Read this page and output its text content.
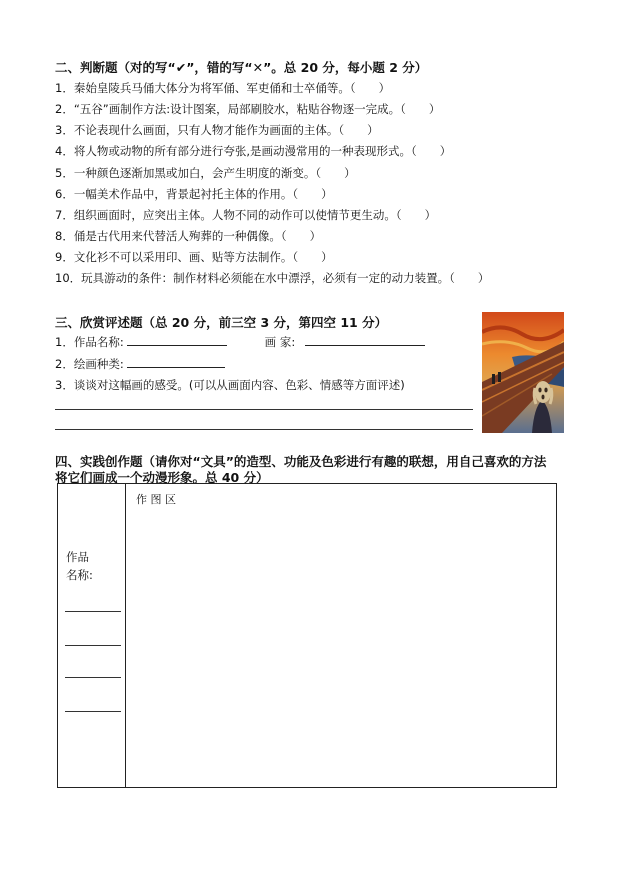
二、判断题（对的写“✔”，错的写“✕”。总 20 分，每小题 2 分）
1．秦始皇陵兵马俑大体分为将军俑、军吏俑和士卒俑等。（　　）
2．“五谷”画制作方法:设计图案，局部刷胶水，粘贴谷物逐一完成。（　　）
3．不论表现什么画面，只有人物才能作为画面的主体。（　　）
4．将人物或动物的所有部分进行夸张,是画动漫常用的一种表现形式。（　　）
5．一种颜色逐渐加黑或加白，会产生明度的渐变。（　　）
6．一幅美术作品中，背景起衬托主体的作用。（　　）
7．组织画面时，应突出主体。人物不同的动作可以使情节更生动。（　　）
8．俑是古代用来代替活人殉葬的一种偶像。（　　）
9．文化衫不可以采用印、画、贴等方法制作。（　　）
10．玩具游动的条件：制作材料必须能在水中漂浮，必须有一定的动力装置。（　　）
三、欣赏评述题（总 20 分，前三空 3 分，第四空 11 分）
1．作品名称:	画 家:
2．绘画种类:
3．谈谈对这幅画的感受。(可以从画面内容、色彩、情感等方面评述)
四、实践创作题（请你对“文具”的造型、功能及色彩进行有趣的联想，用自己喜欢的方法
将它们画成一个动漫形象。总 40 分）
作品
名称:
作 图 区
